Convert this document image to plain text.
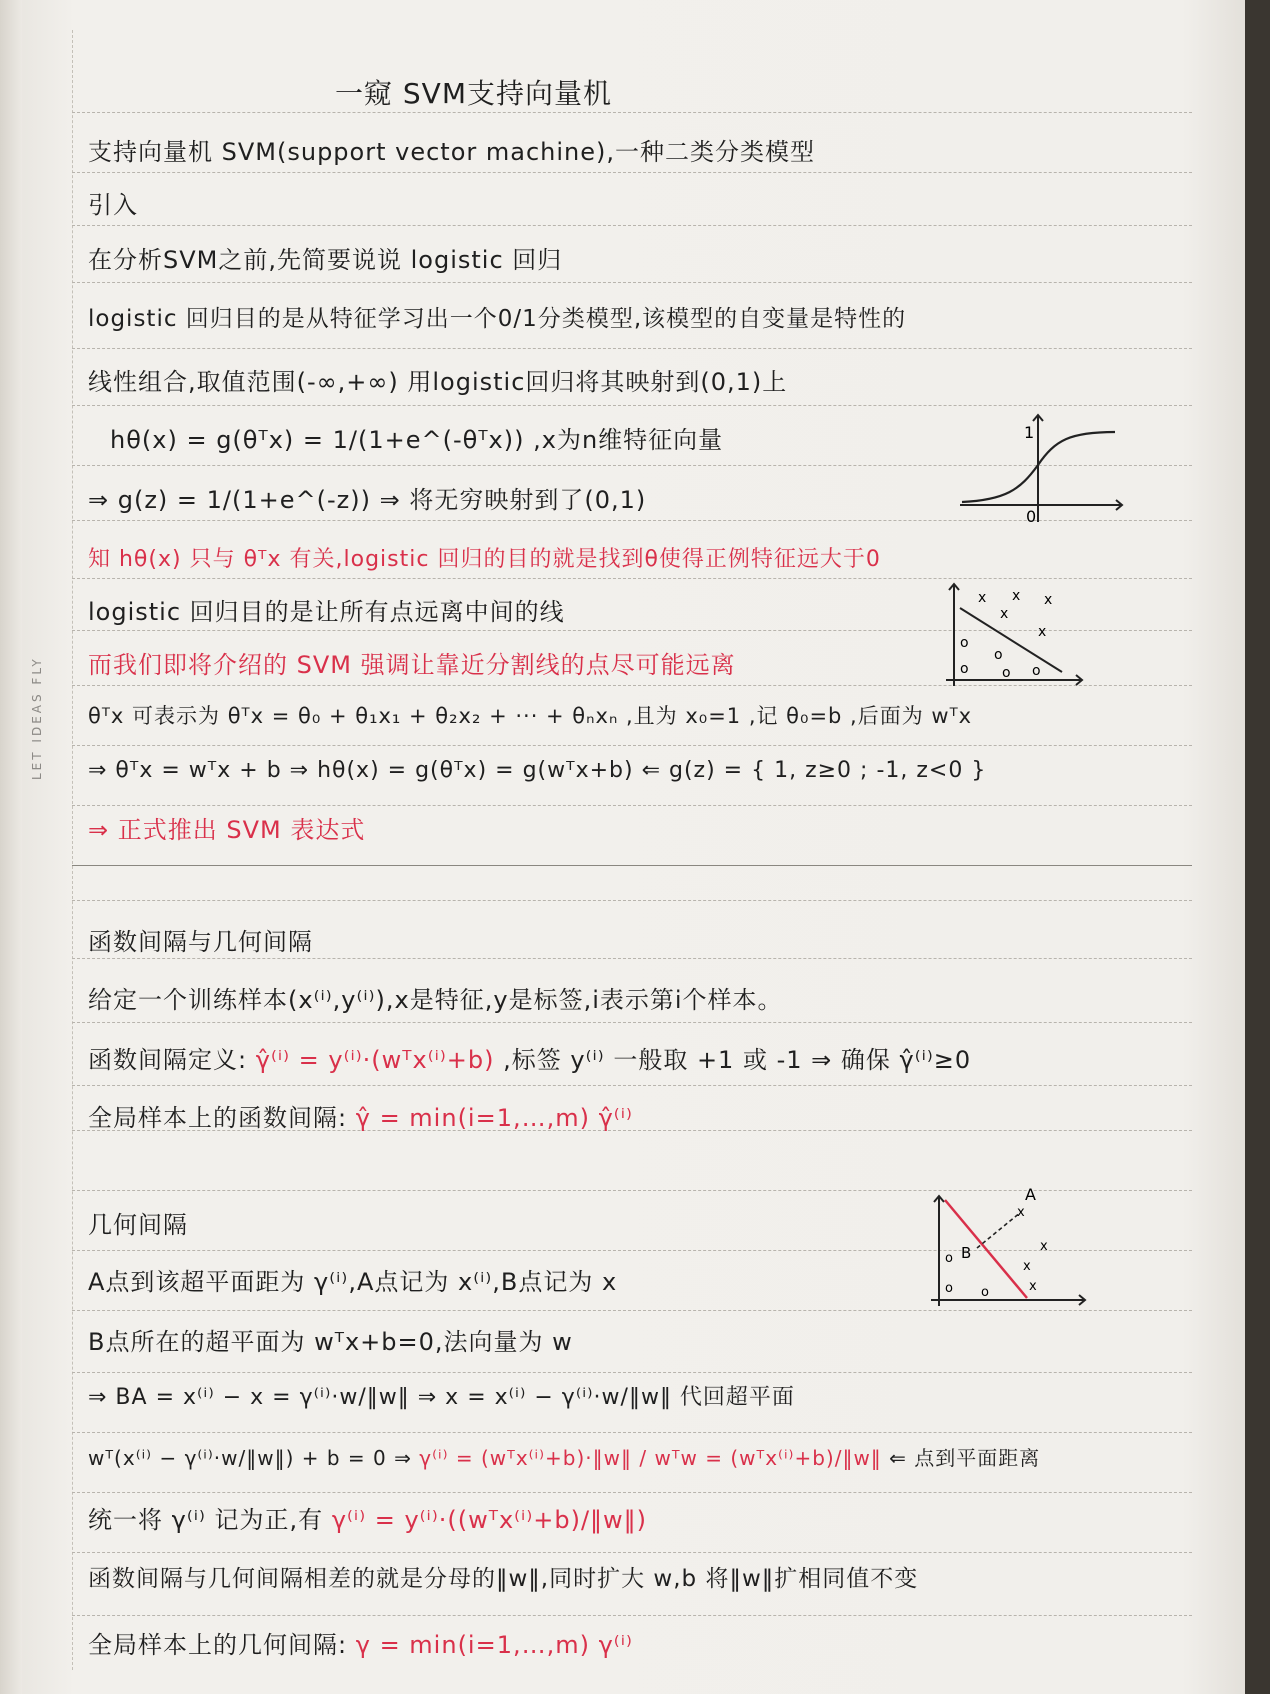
LET IDEAS FLY
一窥 SVM支持向量机
支持向量机 SVM(support vector machine),一种二类分类模型
引入
在分析SVM之前,先简要说说 logistic 回归
logistic 回归目的是从特征学习出一个0/1分类模型,该模型的自变量是特性的
线性组合,取值范围(-∞,+∞) 用logistic回归将其映射到(0,1)上
hθ(x) = g(θᵀx) = 1/(1+e^(-θᵀx)) ,x为n维特征向量
⇒ g(z) = 1/(1+e^(-z)) ⇒ 将无穷映射到了(0,1)
知 hθ(x) 只与 θᵀx 有关,logistic 回归的目的就是找到θ使得正例特征远大于0
logistic 回归目的是让所有点远离中间的线
而我们即将介绍的 SVM 强调让靠近分割线的点尽可能远离
θᵀx 可表示为 θᵀx = θ₀ + θ₁x₁ + θ₂x₂ + ··· + θₙxₙ ,且为 x₀=1 ,记 θ₀=b ,后面为 wᵀx
⇒ θᵀx = wᵀx + b ⇒ hθ(x) = g(θᵀx) = g(wᵀx+b) ⇐ g(z) = { 1, z≥0 ; -1, z<0 }
⇒ 正式推出 SVM 表达式
函数间隔与几何间隔
给定一个训练样本(x⁽ⁱ⁾,y⁽ⁱ⁾),x是特征,y是标签,i表示第i个样本。
函数间隔定义: γ̂⁽ⁱ⁾ = y⁽ⁱ⁾·(wᵀx⁽ⁱ⁾+b) ,标签 y⁽ⁱ⁾ 一般取 +1 或 -1 ⇒ 确保 γ̂⁽ⁱ⁾≥0
全局样本上的函数间隔: γ̂ = min(i=1,…,m) γ̂⁽ⁱ⁾
几何间隔
A点到该超平面距为 γ⁽ⁱ⁾,A点记为 x⁽ⁱ⁾,B点记为 x
B点所在的超平面为 wᵀx+b=0,法向量为 w
⇒ BA = x⁽ⁱ⁾ − x = γ⁽ⁱ⁾·w/‖w‖ ⇒ x = x⁽ⁱ⁾ − γ⁽ⁱ⁾·w/‖w‖ 代回超平面
wᵀ(x⁽ⁱ⁾ − γ⁽ⁱ⁾·w/‖w‖) + b = 0 ⇒ γ⁽ⁱ⁾ = (wᵀx⁽ⁱ⁾+b)·‖w‖ / wᵀw = (wᵀx⁽ⁱ⁾+b)/‖w‖ ⇐ 点到平面距离
统一将 γ⁽ⁱ⁾ 记为正,有 γ⁽ⁱ⁾ = y⁽ⁱ⁾·((wᵀx⁽ⁱ⁾+b)/‖w‖)
函数间隔与几何间隔相差的就是分母的‖w‖,同时扩大 w,b 将‖w‖扩相同值不变
全局样本上的几何间隔: γ = min(i=1,…,m) γ⁽ⁱ⁾
1
0
x x x
x
x
o
o
o o o
A
B
x
x
x
x
o
o o
